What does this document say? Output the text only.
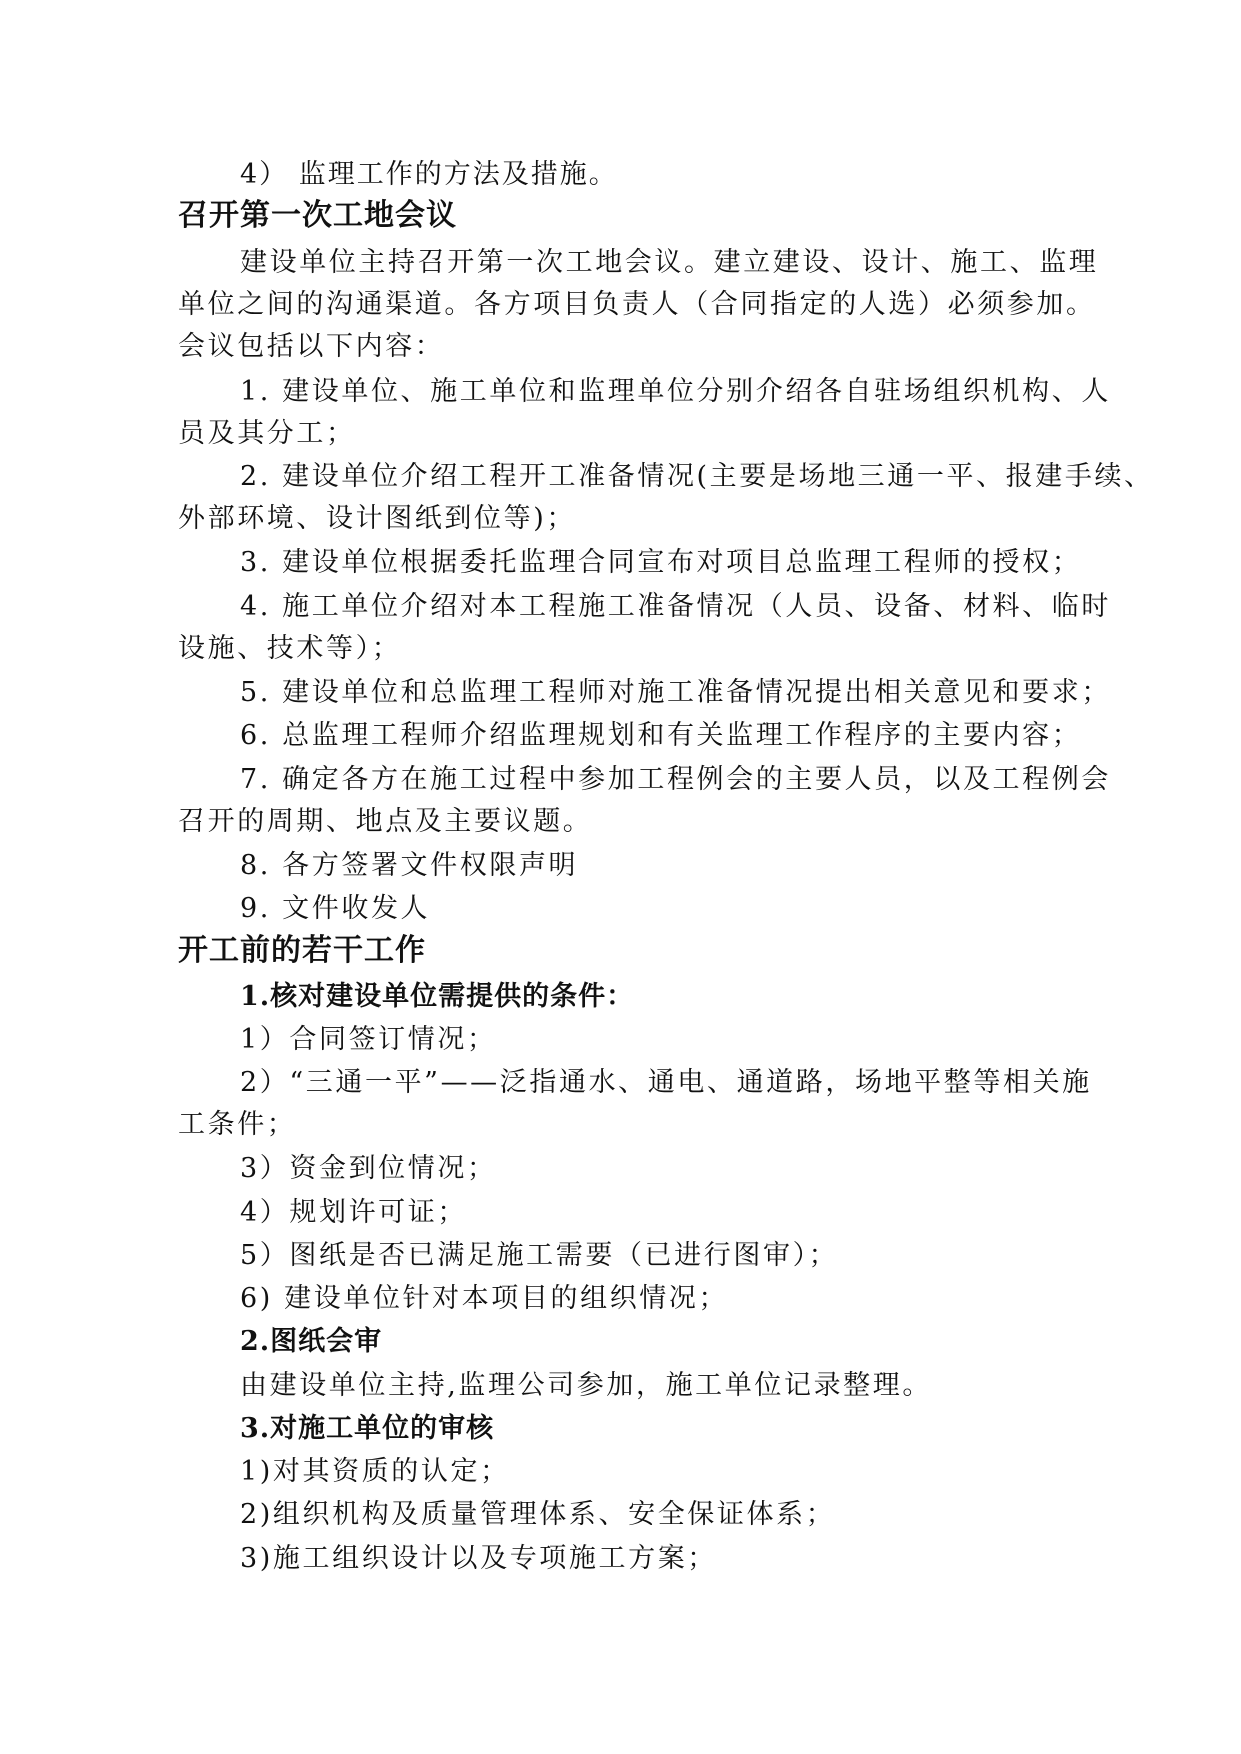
4） 监理工作的方法及措施。
召开第一次工地会议
建设单位主持召开第一次工地会议。建立建设、设计、施工、监理
单位之间的沟通渠道。各方项目负责人（合同指定的人选）必须参加。
会议包括以下内容：
1. 建设单位、施工单位和监理单位分别介绍各自驻场组织机构、人
员及其分工；
2. 建设单位介绍工程开工准备情况(主要是场地三通一平、报建手续、
外部环境、设计图纸到位等)；
3. 建设单位根据委托监理合同宣布对项目总监理工程师的授权；
4. 施工单位介绍对本工程施工准备情况（人员、设备、材料、临时
设施、技术等）；
5. 建设单位和总监理工程师对施工准备情况提出相关意见和要求；
6. 总监理工程师介绍监理规划和有关监理工作程序的主要内容；
7. 确定各方在施工过程中参加工程例会的主要人员，以及工程例会
召开的周期、地点及主要议题。
8. 各方签署文件权限声明
9. 文件收发人
开工前的若干工作
1.核对建设单位需提供的条件：
1）合同签订情况；
2）“三通一平”——泛指通水、通电、通道路，场地平整等相关施
工条件；
3）资金到位情况；
4）规划许可证；
5）图纸是否已满足施工需要（已进行图审）；
6) 建设单位针对本项目的组织情况；
2.图纸会审
由建设单位主持,监理公司参加，施工单位记录整理。
3.对施工单位的审核
1)对其资质的认定；
2)组织机构及质量管理体系、安全保证体系；
3)施工组织设计以及专项施工方案；
